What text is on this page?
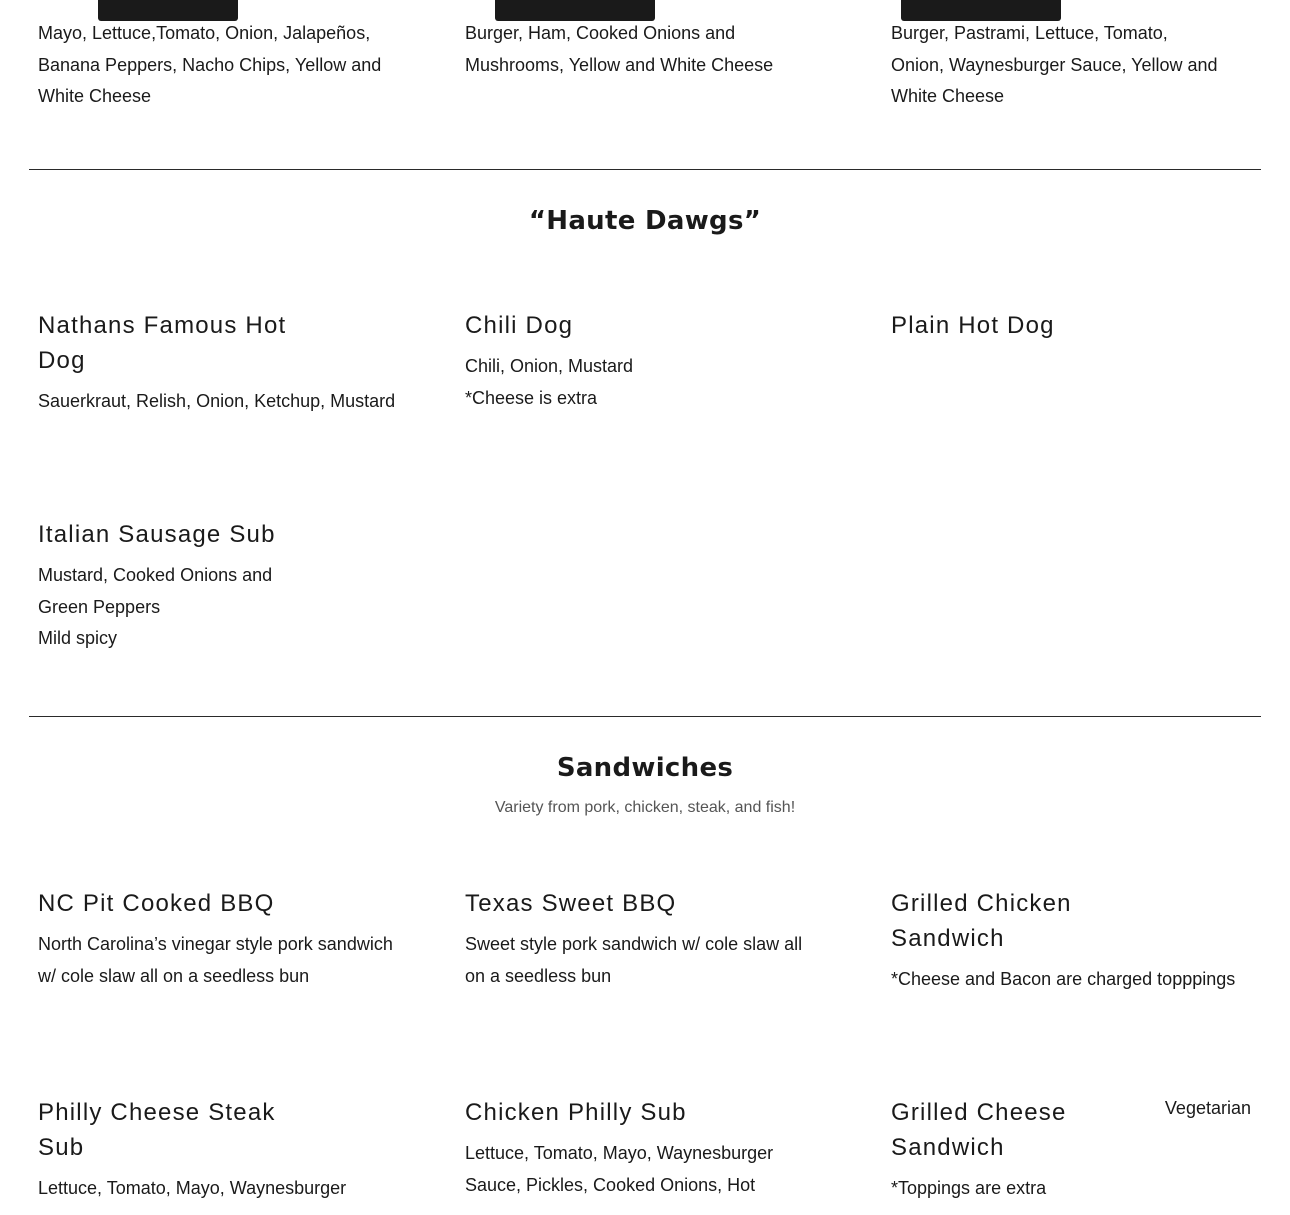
Mayo, Lettuce,Tomato, Onion, Jalapeños,
Banana Peppers, Nacho Chips, Yellow and
White Cheese
Burger, Ham, Cooked Onions and
Mushrooms, Yellow and White Cheese
Burger, Pastrami, Lettuce, Tomato,
Onion, Waynesburger Sauce, Yellow and
White Cheese
“Haute Dawgs”
Nathans Famous Hot
Dog
Sauerkraut, Relish, Onion, Ketchup, Mustard
Chili Dog
Chili, Onion, Mustard
*Cheese is extra
Plain Hot Dog
Italian Sausage Sub
Mustard, Cooked Onions and
Green Peppers
Mild spicy
Sandwiches
Variety from pork, chicken, steak, and fish!
NC Pit Cooked BBQ
North Carolina’s vinegar style pork sandwich
w/ cole slaw all on a seedless bun
Texas Sweet BBQ
Sweet style pork sandwich w/ cole slaw all
on a seedless bun
Grilled Chicken
Sandwich
*Cheese and Bacon are charged topppings
Philly Cheese Steak
Sub
Lettuce, Tomato, Mayo, Waynesburger
Chicken Philly Sub
Lettuce, Tomato, Mayo, Waynesburger
Sauce, Pickles, Cooked Onions, Hot
Grilled Cheese
Sandwich
*Toppings are extra
Vegetarian
